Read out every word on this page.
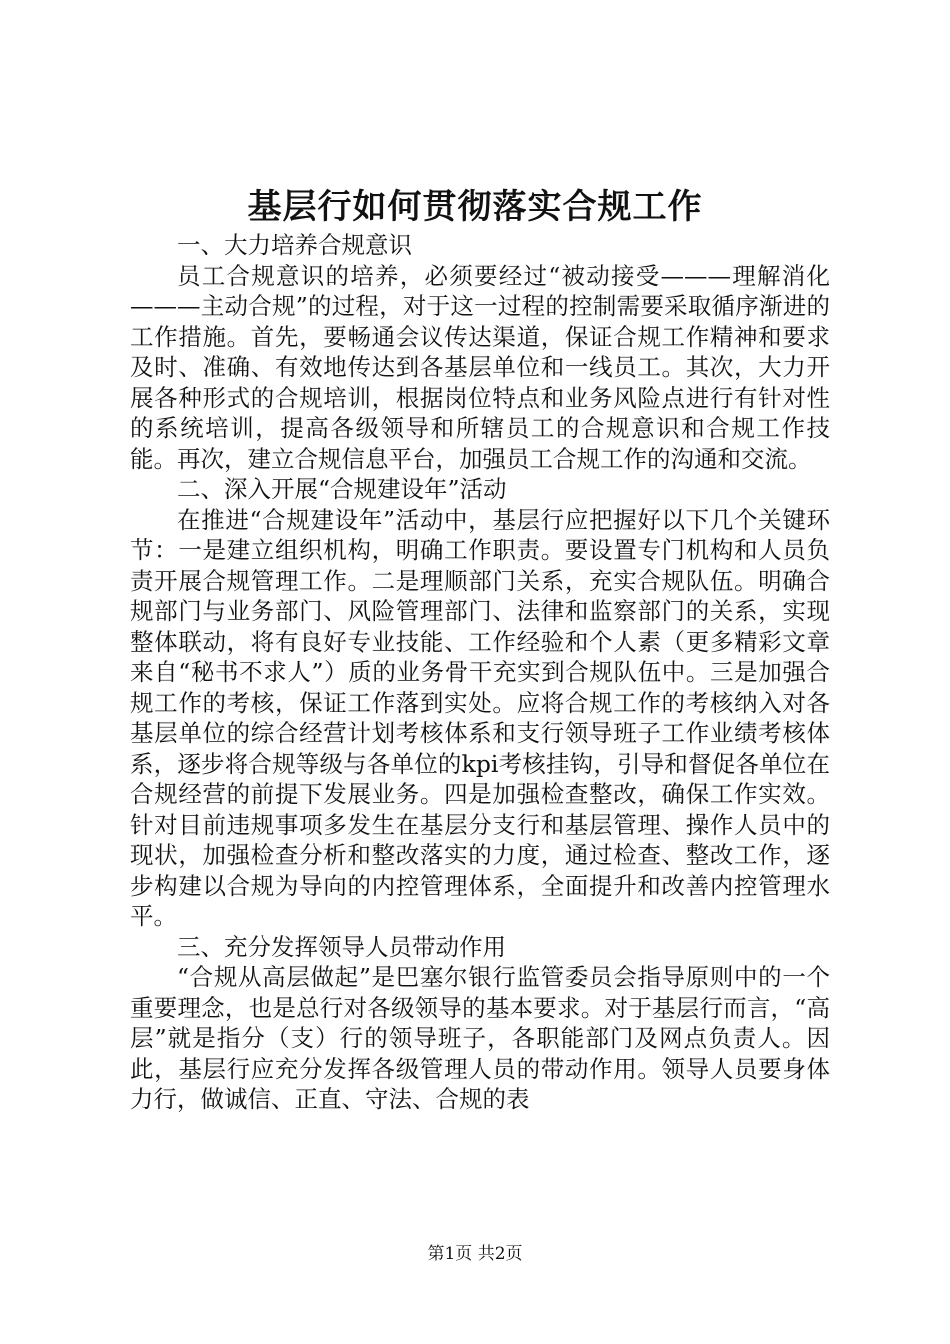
基层行如何贯彻落实合规工作

一、大力培养合规意识

员工合规意识的培养，必须要经过“被动接受———理解消化———主动合规”的过程，对于这一过程的控制需要采取循序渐进的工作措施。首先，要畅通会议传达渠道，保证合规工作精神和要求及时、准确、有效地传达到各基层单位和一线员工。其次，大力开展各种形式的合规培训，根据岗位特点和业务风险点进行有针对性的系统培训，提高各级领导和所辖员工的合规意识和合规工作技能。再次，建立合规信息平台，加强员工合规工作的沟通和交流。

二、深入开展“合规建设年”活动

在推进“合规建设年”活动中，基层行应把握好以下几个关键环节：一是建立组织机构，明确工作职责。要设置专门机构和人员负责开展合规管理工作。二是理顺部门关系，充实合规队伍。明确合规部门与业务部门、风险管理部门、法律和监察部门的关系，实现整体联动，将有良好专业技能、工作经验和个人素（更多精彩文章来自“秘书不求人”）质的业务骨干充实到合规队伍中。三是加强合规工作的考核，保证工作落到实处。应将合规工作的考核纳入对各基层单位的综合经营计划考核体系和支行领导班子工作业绩考核体系，逐步将合规等级与各单位的kpi考核挂钩，引导和督促各单位在合规经营的前提下发展业务。四是加强检查整改，确保工作实效。针对目前违规事项多发生在基层分支行和基层管理、操作人员中的现状，加强检查分析和整改落实的力度，通过检查、整改工作，逐步构建以合规为导向的内控管理体系，全面提升和改善内控管理水平。

三、充分发挥领导人员带动作用

“合规从高层做起”是巴塞尔银行监管委员会指导原则中的一个重要理念，也是总行对各级领导的基本要求。对于基层行而言，“高层”就是指分（支）行的领导班子，各职能部门及网点负责人。因此，基层行应充分发挥各级管理人员的带动作用。领导人员要身体力行，做诚信、正直、守法、合规的表

第1页 共2页
